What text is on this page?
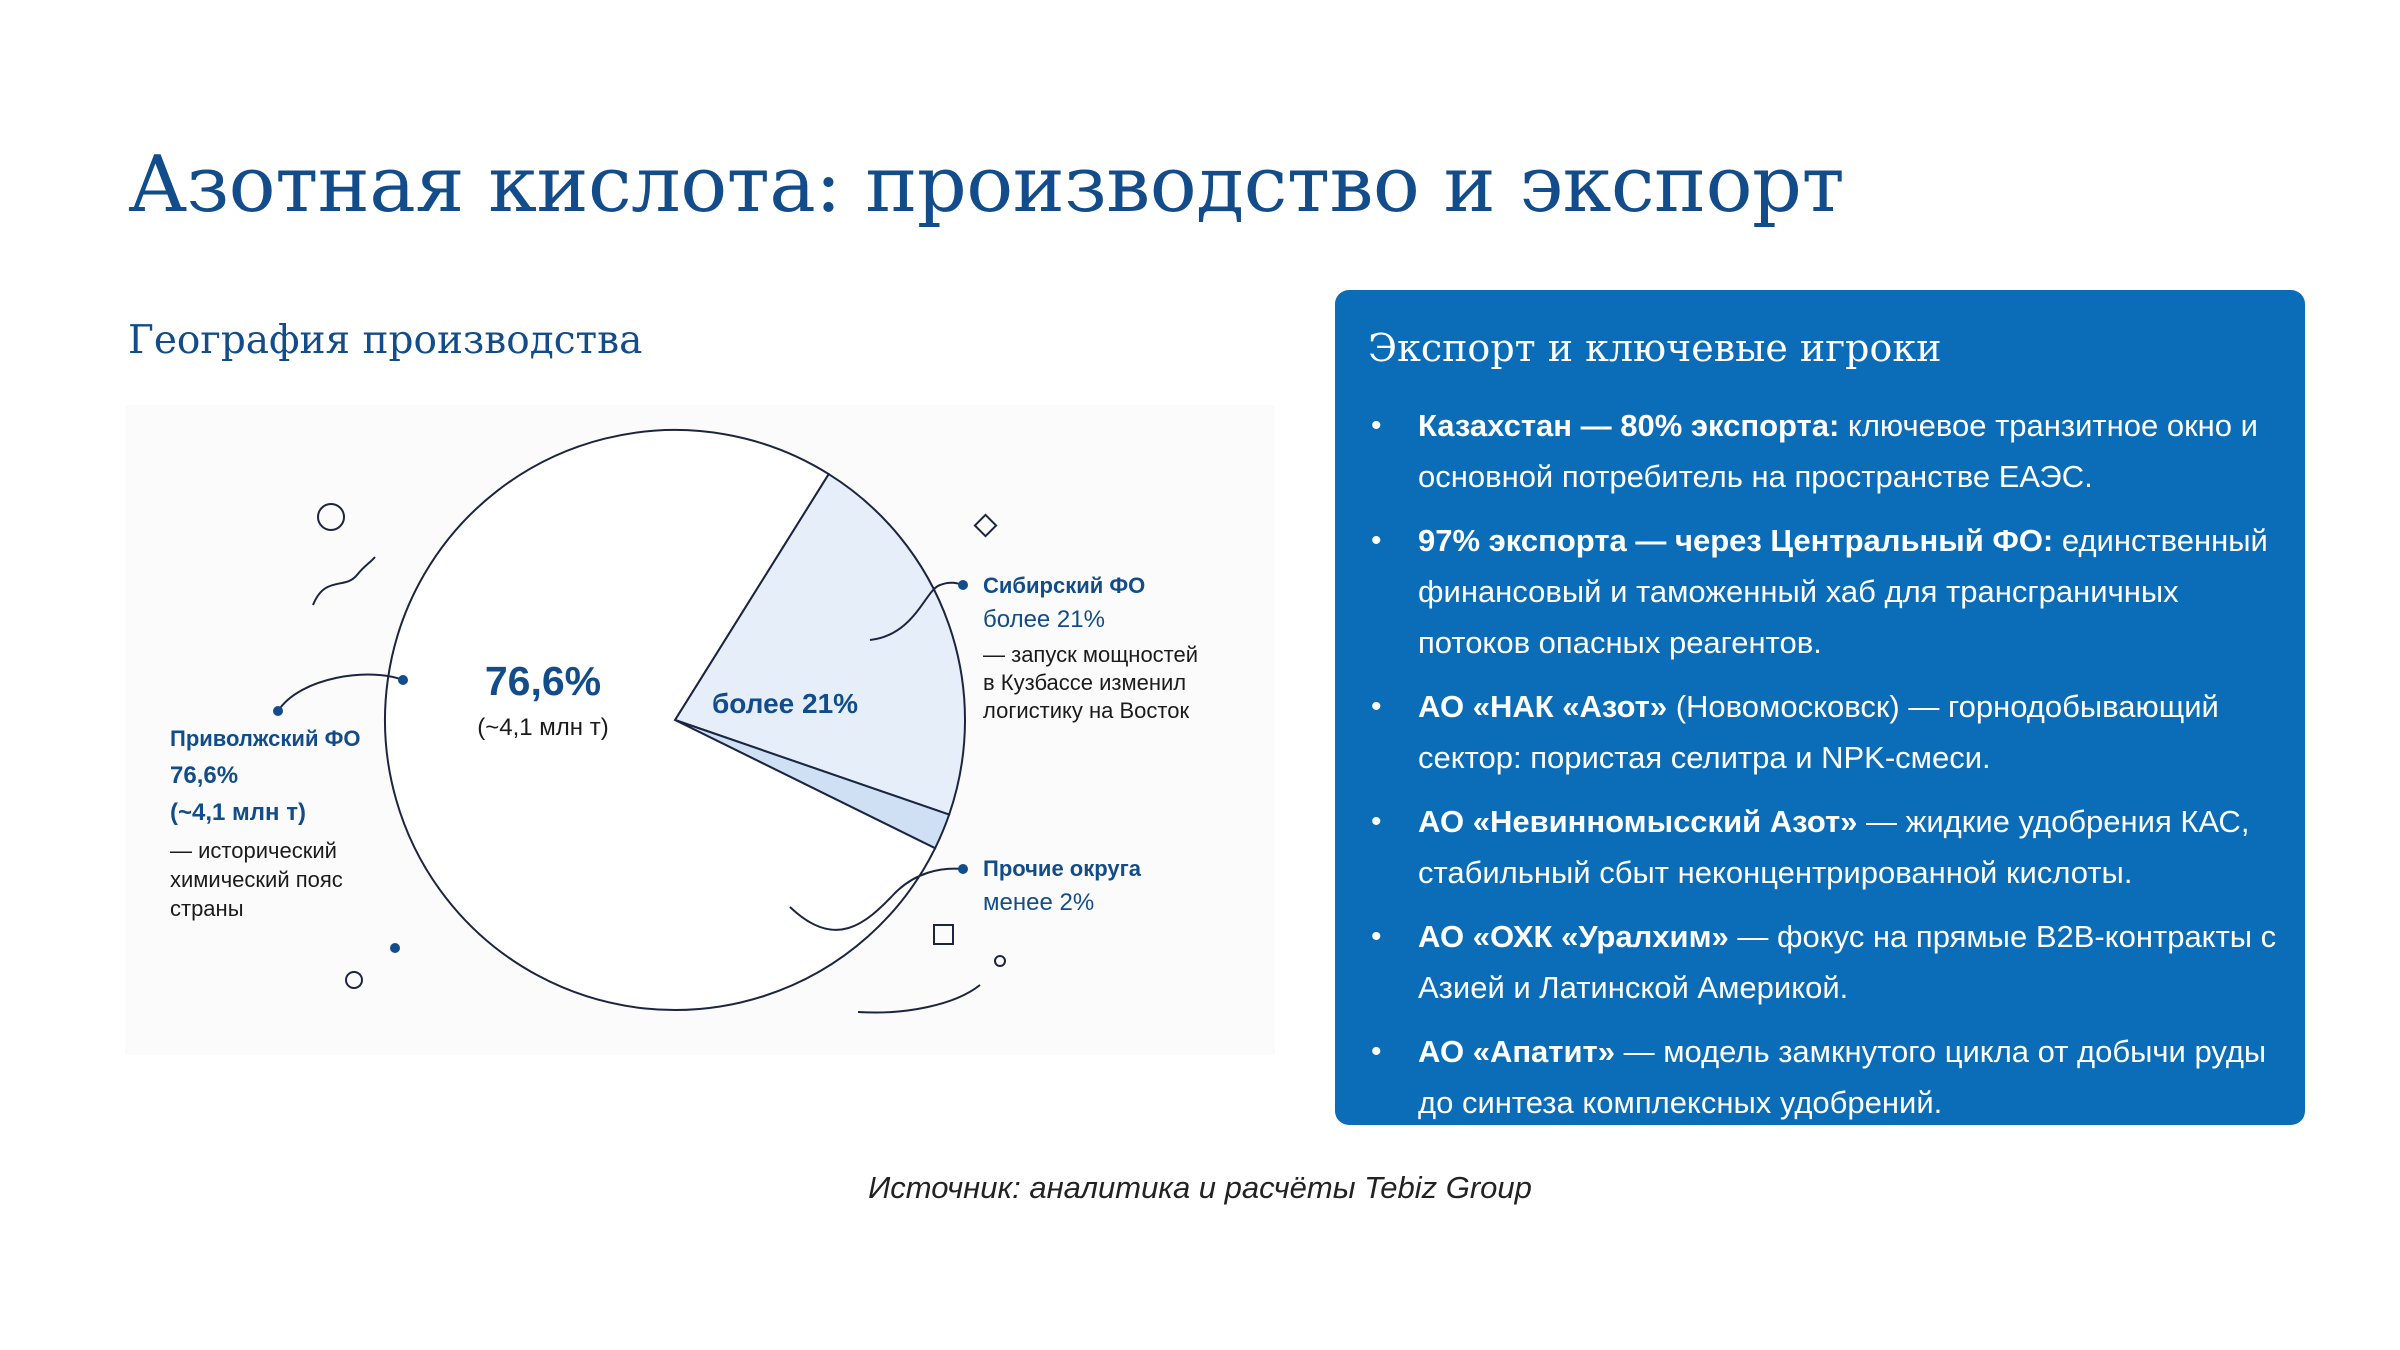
Азотная кислота: производство и экспорт
География производства
76,6%
(~4,1 млн т)
более 21%
Приволжский ФО
76,6%
(~4,1 млн т)
— исторический
химический пояс
страны
Сибирский ФО
более 21%
— запуск мощностей
в Кузбассе изменил
логистику на Восток
Прочие округа
менее 2%
Экспорт и ключевые игроки
• Казахстан — 80% экспорта: ключевое транзитное окно и основной потребитель на пространстве ЕАЭС.
• 97% экспорта — через Центральный ФО: единственный финансовый и таможенный хаб для трансграничных потоков опасных реагентов.
• АО «НАК «Азот» (Новомосковск) — горнодобывающий сектор: пористая селитра и NPK-смеси.
• АО «Невинномысский Азот» — жидкие удобрения КАС, стабильный сбыт неконцентрированной кислоты.
• АО «ОХК «Уралхим» — фокус на прямые B2B-контракты с Азией и Латинской Америкой.
• АО «Апатит» — модель замкнутого цикла от добычи руды до синтеза комплексных удобрений.
Источник: аналитика и расчёты Tebiz Group
